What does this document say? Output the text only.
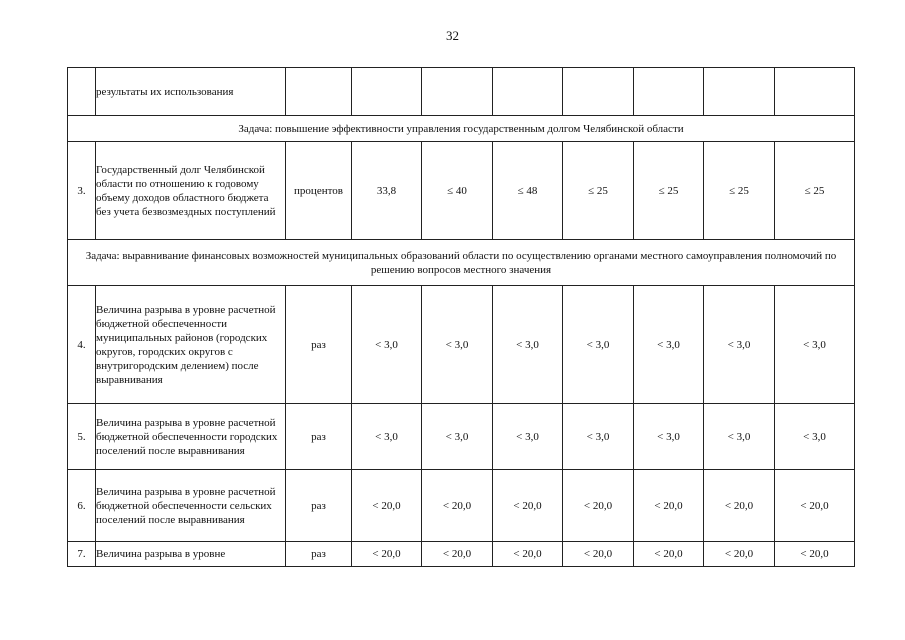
32
	результаты их использования								
Задача: повышение эффективности управления государственным долгом Челябинской области									
3.	Государственный долг Челябинской области по отношению к годовому объему доходов областного бюджета без учета безвозмездных поступлений	процентов	33,8	≤ 40	≤ 48	≤ 25	≤ 25	≤ 25	≤ 25
Задача: выравнивание финансовых возможностей муниципальных образований области по осуществлению органами местного самоуправления полномочий по решению вопросов местного значения									
4.	Величина разрыва в уровне расчетной бюджетной обеспеченности муниципальных районов (городских округов, городских округов с внутригородским делением) после выравнивания	раз	< 3,0	< 3,0	< 3,0	< 3,0	< 3,0	< 3,0	< 3,0
5.	Величина разрыва в уровне расчетной бюджетной обеспеченности городских поселений после выравнивания	раз	< 3,0	< 3,0	< 3,0	< 3,0	< 3,0	< 3,0	< 3,0
6.	Величина разрыва в уровне расчетной бюджетной обеспеченности сельских поселений после выравнивания	раз	< 20,0	< 20,0	< 20,0	< 20,0	< 20,0	< 20,0	< 20,0
7.	Величина разрыва в уровне	раз	< 20,0	< 20,0	< 20,0	< 20,0	< 20,0	< 20,0	< 20,0
